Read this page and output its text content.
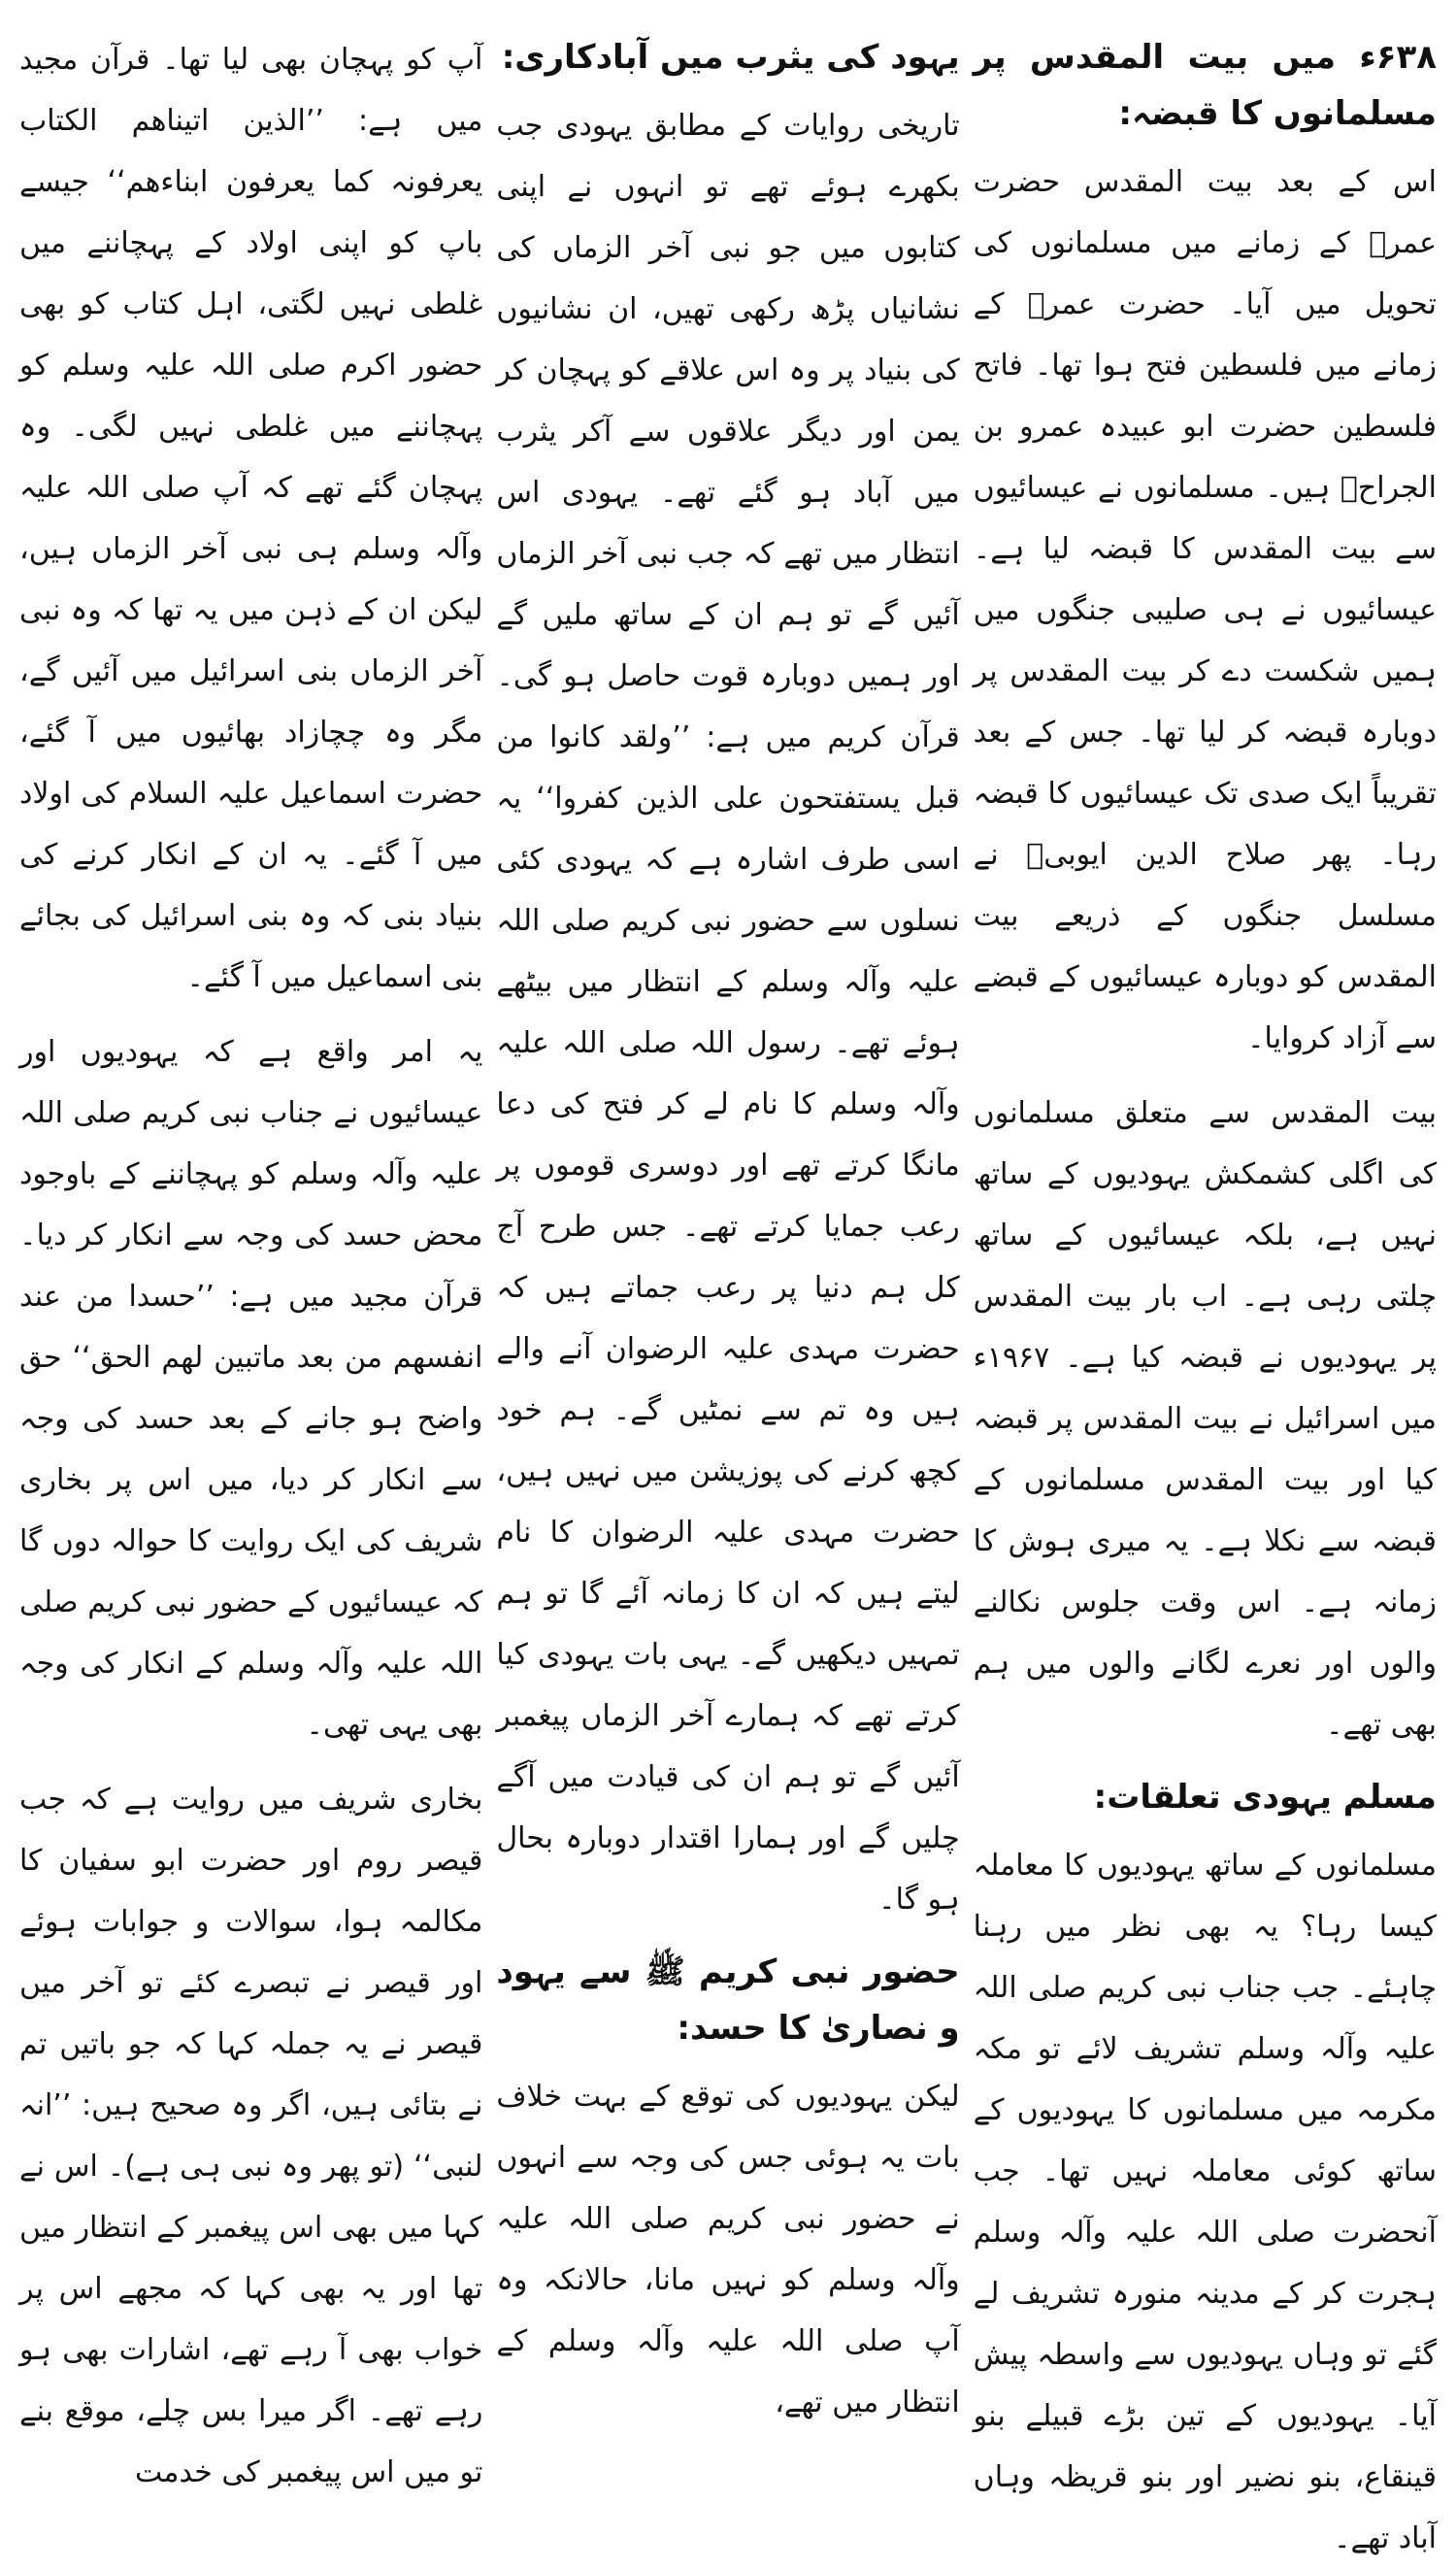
۶۳۸ء میں بیت المقدس پر مسلمانوں کا قبضہ:

اس کے بعد بیت المقدس حضرت عمرؓ کے زمانے میں مسلمانوں کی تحویل میں آیا۔ حضرت عمرؓ کے زمانے میں فلسطین فتح ہوا تھا۔ فاتح فلسطین حضرت ابو عبیدہ عمرو بن الجراحؓ ہیں۔ مسلمانوں نے عیسائیوں سے بیت المقدس کا قبضہ لیا ہے۔ عیسائیوں نے ہی صلیبی جنگوں میں ہمیں شکست دے کر بیت المقدس پر دوبارہ قبضہ کر لیا تھا۔ جس کے بعد تقریباً ایک صدی تک عیسائیوں کا قبضہ رہا۔ پھر صلاح الدین ایوبیؒ نے مسلسل جنگوں کے ذریعے بیت المقدس کو دوبارہ عیسائیوں کے قبضے سے آزاد کروایا۔

بیت المقدس سے متعلق مسلمانوں کی اگلی کشمکش یہودیوں کے ساتھ نہیں ہے، بلکہ عیسائیوں کے ساتھ چلتی رہی ہے۔ اب بار بیت المقدس پر یہودیوں نے قبضہ کیا ہے۔ ۱۹۶۷ء میں اسرائیل نے بیت المقدس پر قبضہ کیا اور بیت المقدس مسلمانوں کے قبضہ سے نکلا ہے۔ یہ میری ہوش کا زمانہ ہے۔ اس وقت جلوس نکالنے والوں اور نعرے لگانے والوں میں ہم بھی تھے۔

مسلم یہودی تعلقات:

مسلمانوں کے ساتھ یہودیوں کا معاملہ کیسا رہا؟ یہ بھی نظر میں رہنا چاہئے۔ جب جناب نبی کریم صلی اللہ علیہ وآلہ وسلم تشریف لائے تو مکہ مکرمہ میں مسلمانوں کا یہودیوں کے ساتھ کوئی معاملہ نہیں تھا۔ جب آنحضرت صلی اللہ علیہ وآلہ وسلم ہجرت کر کے مدینہ منورہ تشریف لے گئے تو وہاں یہودیوں سے واسطہ پیش آیا۔ یہودیوں کے تین بڑے قبیلے بنو قینقاع، بنو نضیر اور بنو قریظہ وہاں آباد تھے۔

یہود کی یثرب میں آبادکاری:

تاریخی روایات کے مطابق یہودی جب بکھرے ہوئے تھے تو انہوں نے اپنی کتابوں میں جو نبی آخر الزماں کی نشانیاں پڑھ رکھی تھیں، ان نشانیوں کی بنیاد پر وہ اس علاقے کو پہچان کر یمن اور دیگر علاقوں سے آکر یثرب میں آباد ہو گئے تھے۔ یہودی اس انتظار میں تھے کہ جب نبی آخر الزماں آئیں گے تو ہم ان کے ساتھ ملیں گے اور ہمیں دوبارہ قوت حاصل ہو گی۔ قرآن کریم میں ہے: ’’ولقد کانوا من قبل یستفتحون علی الذین کفروا‘‘ یہ اسی طرف اشارہ ہے کہ یہودی کئی نسلوں سے حضور نبی کریم صلی اللہ علیہ وآلہ وسلم کے انتظار میں بیٹھے ہوئے تھے۔ رسول اللہ صلی اللہ علیہ وآلہ وسلم کا نام لے کر فتح کی دعا مانگا کرتے تھے اور دوسری قوموں پر رعب جمایا کرتے تھے۔ جس طرح آج کل ہم دنیا پر رعب جماتے ہیں کہ حضرت مہدی علیہ الرضوان آنے والے ہیں وہ تم سے نمٹیں گے۔ ہم خود کچھ کرنے کی پوزیشن میں نہیں ہیں، حضرت مہدی علیہ الرضوان کا نام لیتے ہیں کہ ان کا زمانہ آئے گا تو ہم تمہیں دیکھیں گے۔ یہی بات یہودی کیا کرتے تھے کہ ہمارے آخر الزماں پیغمبر آئیں گے تو ہم ان کی قیادت میں آگے چلیں گے اور ہمارا اقتدار دوبارہ بحال ہو گا۔

حضور نبی کریم ﷺ سے یہود و نصاریٰ کا حسد:

لیکن یہودیوں کی توقع کے بہت خلاف بات یہ ہوئی جس کی وجہ سے انہوں نے حضور نبی کریم صلی اللہ علیہ وآلہ وسلم کو نہیں مانا، حالانکہ وہ آپ صلی اللہ علیہ وآلہ وسلم کے انتظار میں تھے،

آپ کو پہچان بھی لیا تھا۔ قرآن مجید میں ہے: ’’الذین اتیناھم الکتاب یعرفونہ کما یعرفون ابناءھم‘‘ جیسے باپ کو اپنی اولاد کے پہچاننے میں غلطی نہیں لگتی، اہل کتاب کو بھی حضور اکرم صلی اللہ علیہ وسلم کو پہچاننے میں غلطی نہیں لگی۔ وہ پہچان گئے تھے کہ آپ صلی اللہ علیہ وآلہ وسلم ہی نبی آخر الزماں ہیں، لیکن ان کے ذہن میں یہ تھا کہ وہ نبی آخر الزماں بنی اسرائیل میں آئیں گے، مگر وہ چچازاد بھائیوں میں آ گئے، حضرت اسماعیل علیہ السلام کی اولاد میں آ گئے۔ یہ ان کے انکار کرنے کی بنیاد بنی کہ وہ بنی اسرائیل کی بجائے بنی اسماعیل میں آ گئے۔

یہ امر واقع ہے کہ یہودیوں اور عیسائیوں نے جناب نبی کریم صلی اللہ علیہ وآلہ وسلم کو پہچاننے کے باوجود محض حسد کی وجہ سے انکار کر دیا۔ قرآن مجید میں ہے: ’’حسدا من عند انفسھم من بعد ماتبین لھم الحق‘‘ حق واضح ہو جانے کے بعد حسد کی وجہ سے انکار کر دیا، میں اس پر بخاری شریف کی ایک روایت کا حوالہ دوں گا کہ عیسائیوں کے حضور نبی کریم صلی اللہ علیہ وآلہ وسلم کے انکار کی وجہ بھی یہی تھی۔

بخاری شریف میں روایت ہے کہ جب قیصر روم اور حضرت ابو سفیان کا مکالمہ ہوا، سوالات و جوابات ہوئے اور قیصر نے تبصرے کئے تو آخر میں قیصر نے یہ جملہ کہا کہ جو باتیں تم نے بتائی ہیں، اگر وہ صحیح ہیں: ’’انہ لنبی‘‘ (تو پھر وہ نبی ہی ہے)۔ اس نے کہا میں بھی اس پیغمبر کے انتظار میں تھا اور یہ بھی کہا کہ مجھے اس پر خواب بھی آ رہے تھے، اشارات بھی ہو رہے تھے۔ اگر میرا بس چلے، موقع بنے تو میں اس پیغمبر کی خدمت
